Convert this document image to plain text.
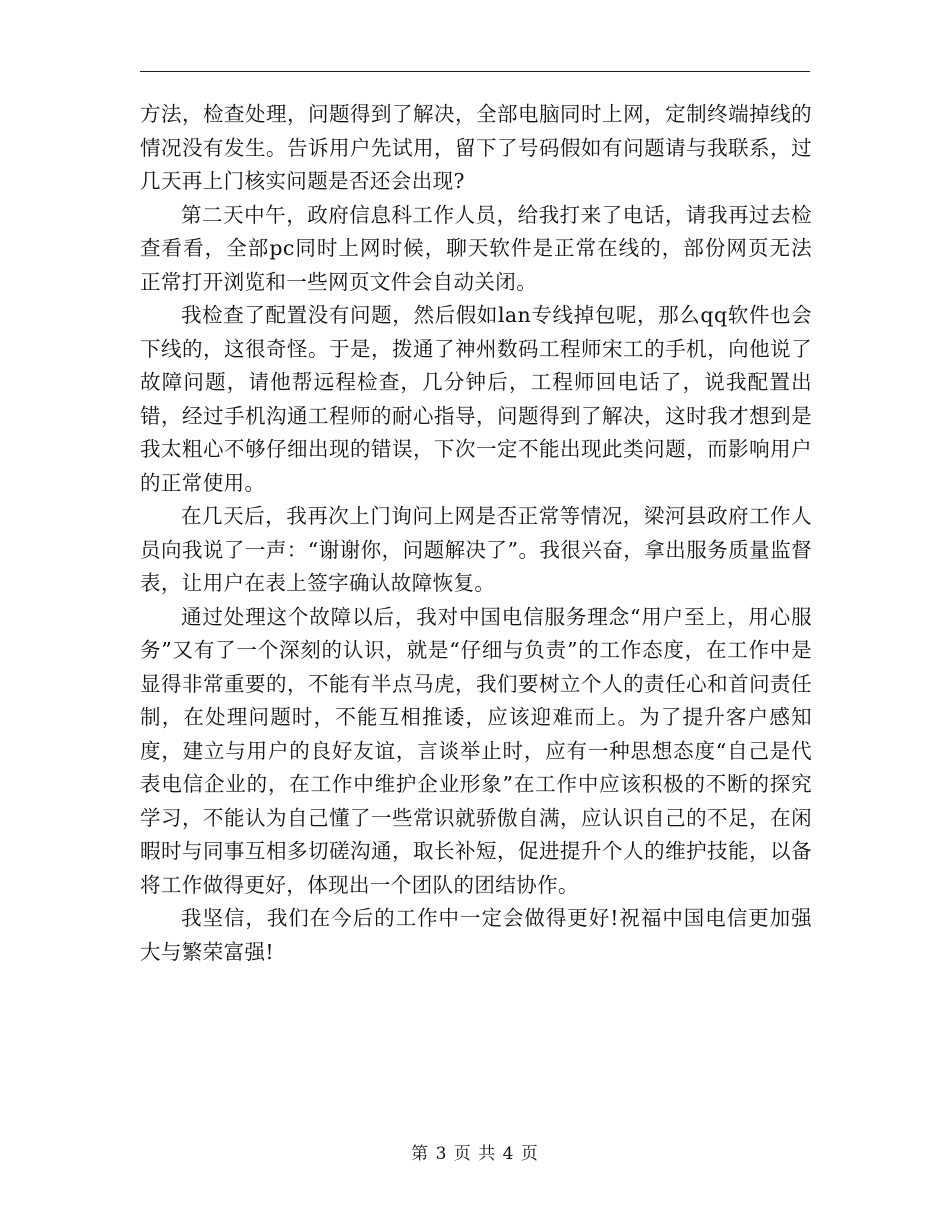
方法，检查处理，问题得到了解决，全部电脑同时上网，定制终端掉线的情况没有发生。告诉用户先试用，留下了号码假如有问题请与我联系，过几天再上门核实问题是否还会出现?

第二天中午，政府信息科工作人员，给我打来了电话，请我再过去检查看看，全部pc同时上网时候，聊天软件是正常在线的，部份网页无法正常打开浏览和一些网页文件会自动关闭。

我检查了配置没有问题，然后假如lan专线掉包呢，那么qq软件也会下线的，这很奇怪。于是，拨通了神州数码工程师宋工的手机，向他说了故障问题，请他帮远程检查，几分钟后，工程师回电话了，说我配置出错，经过手机沟通工程师的耐心指导，问题得到了解决，这时我才想到是我太粗心不够仔细出现的错误，下次一定不能出现此类问题，而影响用户的正常使用。

在几天后，我再次上门询问上网是否正常等情况，梁河县政府工作人员向我说了一声：“谢谢你，问题解决了”。我很兴奋，拿出服务质量监督表，让用户在表上签字确认故障恢复。

通过处理这个故障以后，我对中国电信服务理念“用户至上，用心服务”又有了一个深刻的认识，就是“仔细与负责”的工作态度，在工作中是显得非常重要的，不能有半点马虎，我们要树立个人的责任心和首问责任制，在处理问题时，不能互相推诿，应该迎难而上。为了提升客户感知度，建立与用户的良好友谊，言谈举止时，应有一种思想态度“自己是代表电信企业的，在工作中维护企业形象”在工作中应该积极的不断的探究学习，不能认为自己懂了一些常识就骄傲自满，应认识自己的不足，在闲暇时与同事互相多切磋沟通，取长补短，促进提升个人的维护技能，以备将工作做得更好，体现出一个团队的团结协作。

我坚信，我们在今后的工作中一定会做得更好!祝福中国电信更加强大与繁荣富强!

第 3 页 共 4 页
